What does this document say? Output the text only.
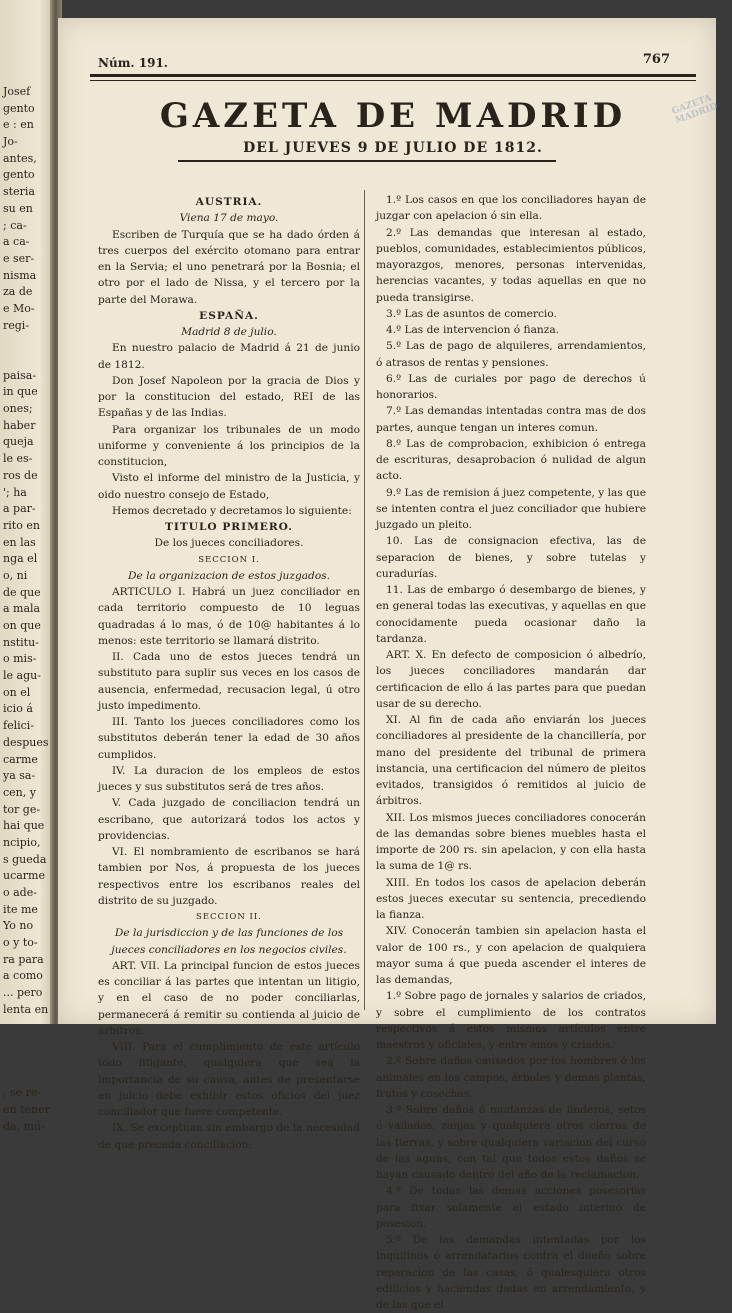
Josef
gento
e : en
Jo-
antes,
gento
steria
su en
; ca-
a ca-
e ser-
nisma
za de
e Mo-
regi-
paisa-
in que
ones;
haber
queja
le es-
ros de
'; ha
a par-
rito en
en las
nga el
o, ni
de que
a mala
on que
nstitu-
o mis-
le agu-
on el
icio á
felici-
despues
carme
ya sa-
cen, y
tor ge-
hai que
ncipio,
s gueda
ucarme
o ade-
ite me
Yo no
o y to-
ra para
a como
... pero
lenta en
, se re-
en tener
da, mú-
Núm. 191.	767
GAZETA DE MADRID
DEL JUEVES 9 DE JULIO DE 1812.
AUSTRIA.
Viena 17 de mayo.

Escriben de Turquía que se ha dado órden á tres cuerpos del exército otomano para entrar en la Servia; el uno penetrará por la Bosnia; el otro por el lado de Nissa, y el tercero por la parte del Morawa.

ESPAÑA.
Madrid 8 de julio.

En nuestro palacio de Madrid á 21 de junio de 1812.

Don Josef Napoleon por la gracia de Dios y por la constitucion del estado, REI de las Españas y de las Indias.

Para organizar los tribunales de un modo uniforme y conveniente á los principios de la constitucion,

Visto el informe del ministro de la Justicia, y oido nuestro consejo de Estado,

Hemos decretado y decretamos lo siguiente:

TITULO PRIMERO.
De los jueces conciliadores.
SECCION I.
De la organizacion de estos juzgados.

ARTICULO I. Habrá un juez conciliador en cada territorio compuesto de 10 leguas quadradas á lo mas, ó de 10@ habitantes á lo menos: este territorio se llamará distrito.

II. Cada uno de estos jueces tendrá un substituto para suplir sus veces en los casos de ausencia, enfermedad, recusacion legal, ú otro justo impedimento.

III. Tanto los jueces conciliadores como los substitutos deberán tener la edad de 30 años cumplidos.

IV. La duracion de los empleos de estos jueces y sus substitutos será de tres años.

V. Cada juzgado de conciliacion tendrá un escribano, que autorizará todos los actos y providencias.

VI. El nombramiento de escribanos se hará tambien por Nos, á propuesta de los jueces respectivos entre los escribanos reales del distrito de su juzgado.

SECCION II.
De la jurisdiccion y de las funciones de los jueces conciliadores en los negocios civiles.

ART. VII. La principal funcion de estos jueces es conciliar á las partes que intentan un litigio, y en el caso de no poder conciliarlas, permanecerá á remitir su contienda al juicio de árbitros.

VIII. Para el cumplimiento de este artículo todo litigante, qualquiera que sea la importancia de su causa, antes de presentarse en juicio debe exhibir estos oficios del juez conciliador que fuere competente.

IX. Se exceptuan sin embargo de la necesidad de que preceda conciliacion:

1.º Los casos en que los conciliadores hayan de juzgar con apelacion ó sin ella.

2.º Las demandas que interesan al estado, pueblos, comunidades, establecimientos públicos, mayorazgos, menores, personas intervenidas, herencias vacantes, y todas aquellas en que no pueda transigirse.

3.º Las de asuntos de comercio.

4.º Las de intervencion ó fianza.

5.º Las de pago de alquileres, arrendamientos, ó atrasos de rentas y pensiones.

6.º Las de curiales por pago de derechos ú honorarios.

7.º Las demandas intentadas contra mas de dos partes, aunque tengan un interes comun.

8.º Las de comprobacion, exhibicion ó entrega de escrituras, desaprobacion ó nulidad de algun acto.

9.º Las de remision á juez competente, y las que se intenten contra el juez conciliador que hubiere juzgado un pleito.

10. Las de consignacion efectiva, las de separacion de bienes, y sobre tutelas y curadurías.

11. Las de embargo ó desembargo de bienes, y en general todas las executivas, y aquellas en que conocidamente pueda ocasionar daño la tardanza.

ART. X. En defecto de composicion ó albedrío, los jueces conciliadores mandarán dar certificacion de ello á las partes para que puedan usar de su derecho.

XI. Al fin de cada año enviarán los jueces conciliadores al presidente de la chancillería, por mano del presidente del tribunal de primera instancia, una certificacion del número de pleitos evitados, transigidos ó remitidos al juicio de árbitros.

XII. Los mismos jueces conciliadores conocerán de las demandas sobre bienes muebles hasta el importe de 200 rs. sin apelacion, y con ella hasta la suma de 1@ rs.

XIII. En todos los casos de apelacion deberán estos jueces executar su sentencia, precediendo la fianza.

XIV. Conocerán tambien sin apelacion hasta el valor de 100 rs., y con apelacion de qualquiera mayor suma á que pueda ascender el interes de las demandas,

1.º Sobre pago de jornales y salarios de criados, y sobre el cumplimiento de los contratos respectivos á estos mismos artículos entre maestros y oficiales, y entre amos y criados.

2.º Sobre daños causados por los hombres ó los animales en los campos, árboles y demas plantas, frutos y cosechas.

3.º Sobre daños ó mudanzas de linderos, setos ó vallados, zanjas y qualquiera otros cierros de las tierras, y sobre qualquiera variacion del curso de las aguas, con tal que todos estos daños se hayan causado dentro del año de la reclamacion.

4.º De todas las demas acciones posesorias para fixar solamente el estado interino de posesion.

5.º De las demandas intentadas por los inquilinos ó arrendatarios contra el dueño sobre reparacion de las casas, ó qualesquiera otros edificios y haciendas dadas en arrendamiento, y de las que el

GAZETA MADRID
